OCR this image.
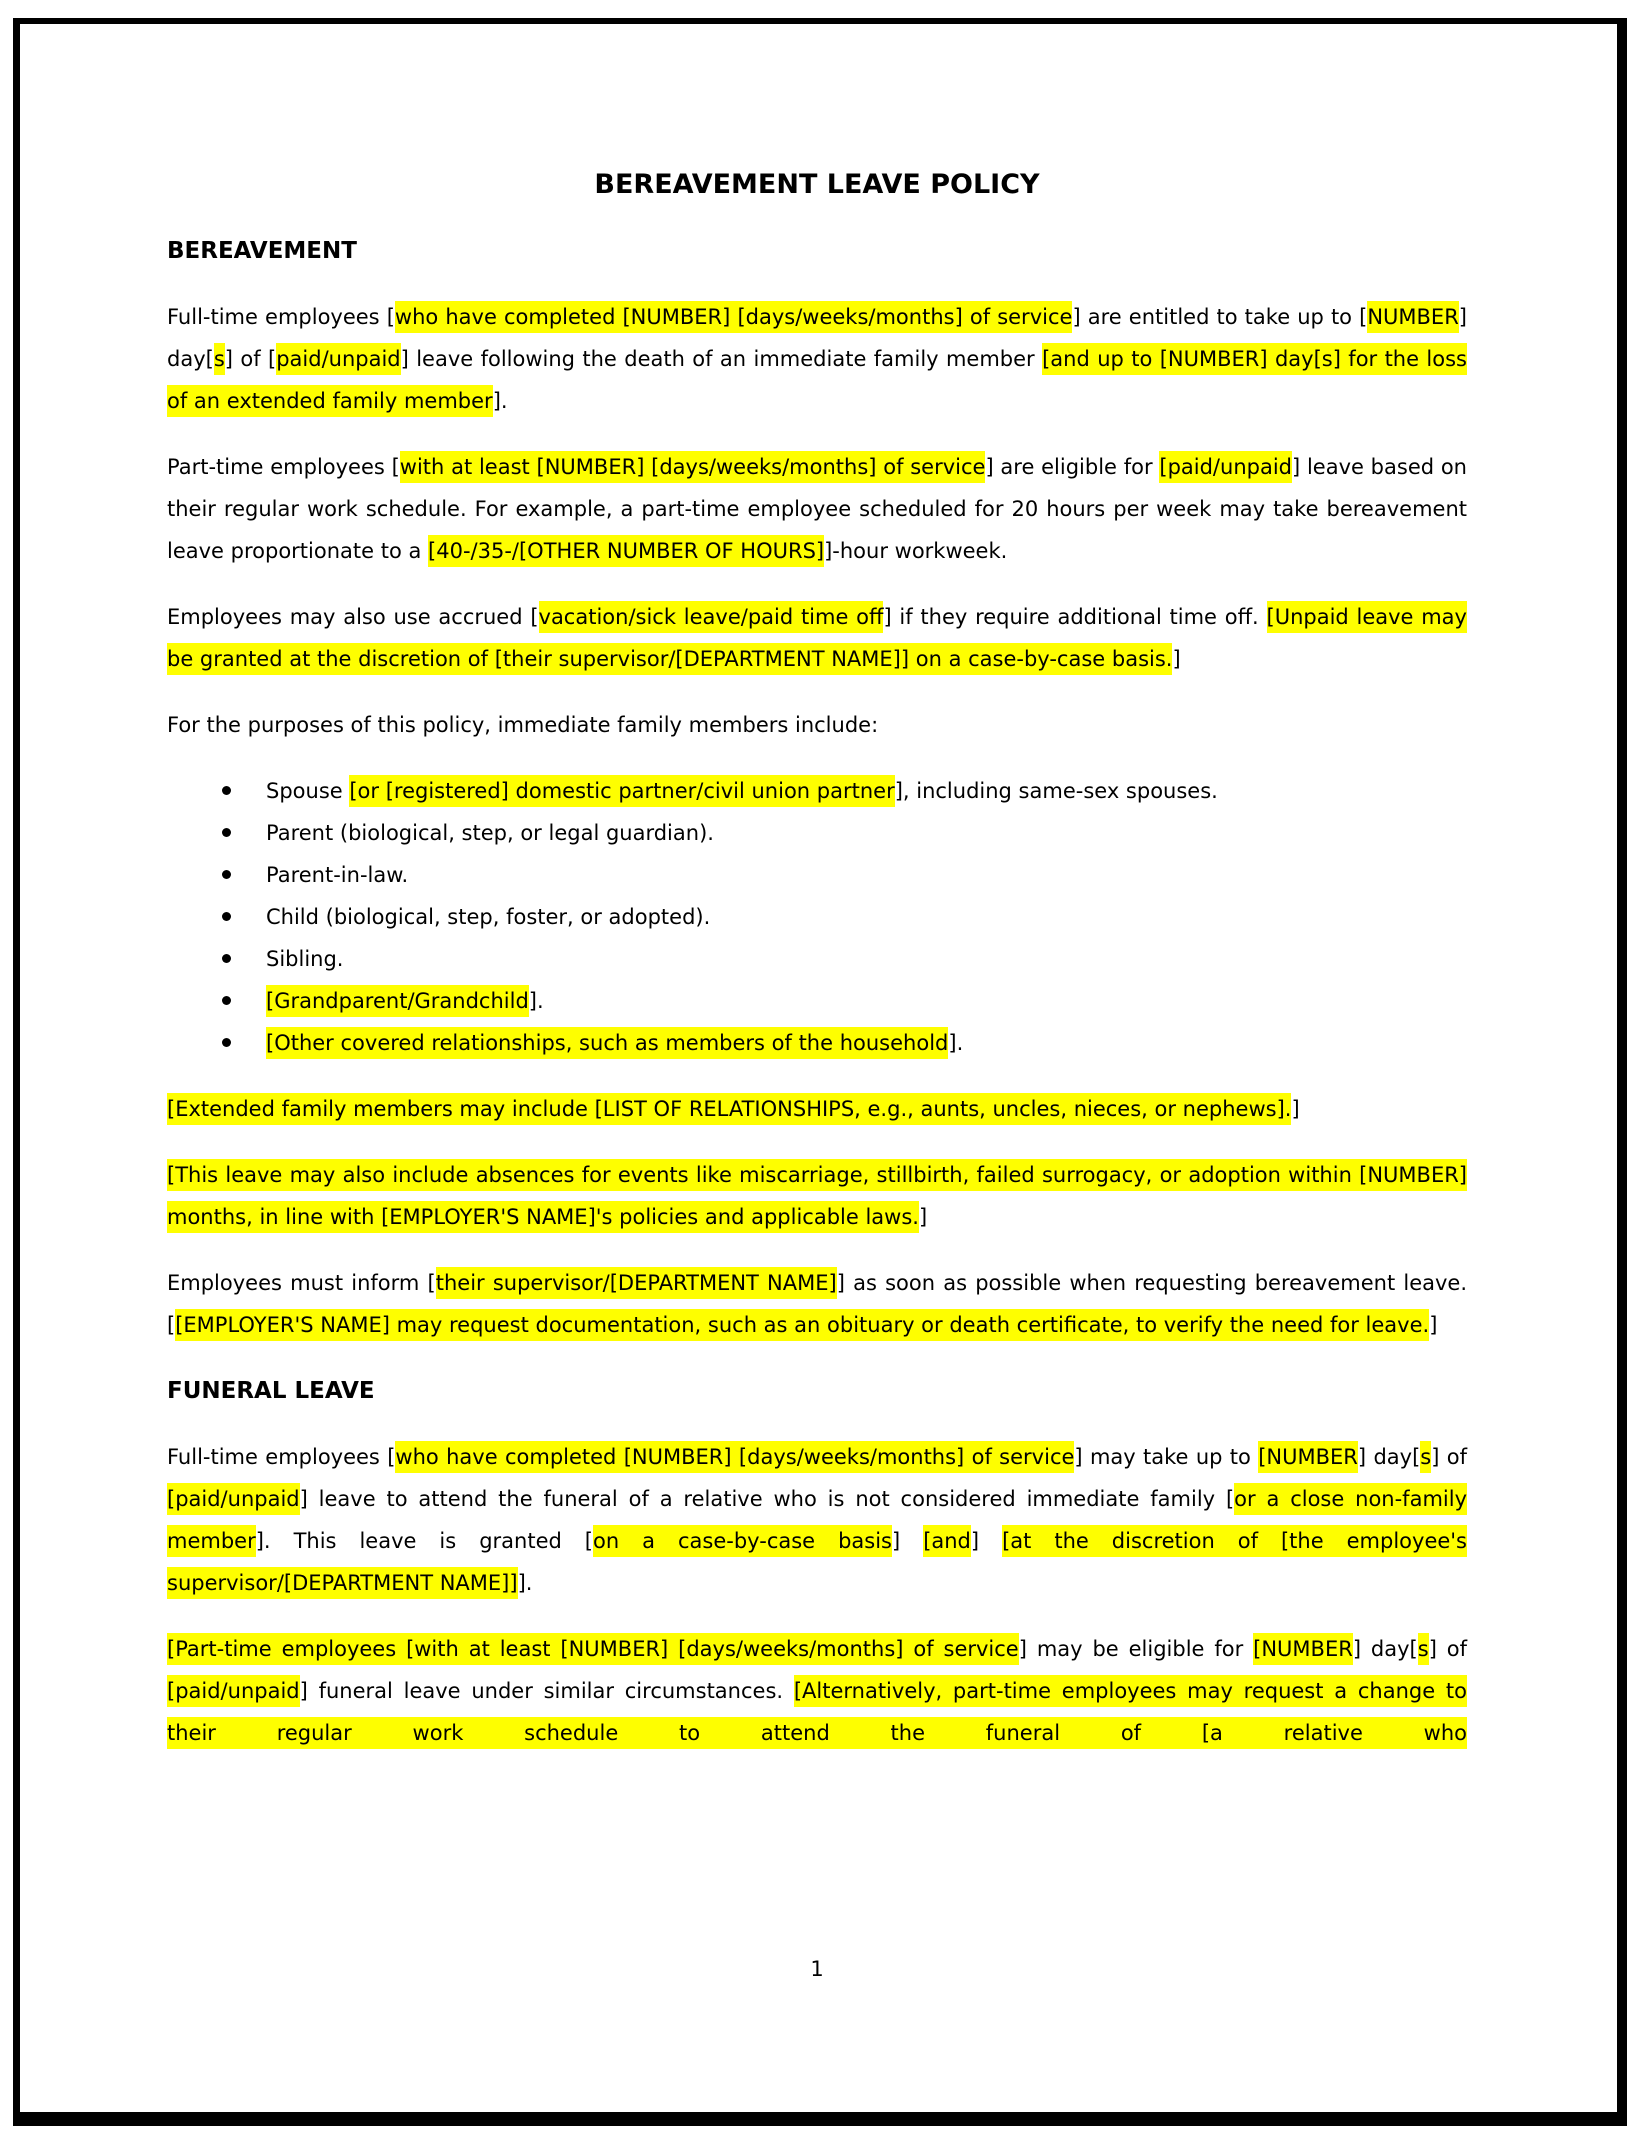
BEREAVEMENT LEAVE POLICY
BEREAVEMENT

Full-time employees [who have completed [NUMBER] [days/weeks/months] of service] are entitled to take up to [NUMBER] day[s] of [paid/unpaid] leave following the death of an immediate family member [and up to [NUMBER] day[s] for the loss of an extended family member].

Part-time employees [with at least [NUMBER] [days/weeks/months] of service] are eligible for [paid/unpaid] leave based on their regular work schedule. For example, a part-time employee scheduled for 20 hours per week may take bereavement leave proportionate to a [40-/35-/[OTHER NUMBER OF HOURS]]-hour workweek.

Employees may also use accrued [vacation/sick leave/paid time off] if they require additional time off. [Unpaid leave may be granted at the discretion of [their supervisor/[DEPARTMENT NAME]] on a case-by-case basis.]

For the purposes of this policy, immediate family members include:

Spouse [or [registered] domestic partner/civil union partner], including same-sex spouses.
Parent (biological, step, or legal guardian).
Parent-in-law.
Child (biological, step, foster, or adopted).
Sibling.
[Grandparent/Grandchild].
[Other covered relationships, such as members of the household].

[Extended family members may include [LIST OF RELATIONSHIPS, e.g., aunts, uncles, nieces, or nephews].]

[This leave may also include absences for events like miscarriage, stillbirth, failed surrogacy, or adoption within [NUMBER] months, in line with [EMPLOYER'S NAME]'s policies and applicable laws.]

Employees must inform [their supervisor/[DEPARTMENT NAME]] as soon as possible when requesting bereavement leave. [[EMPLOYER'S NAME] may request documentation, such as an obituary or death certificate, to verify the need for leave.]

FUNERAL LEAVE

Full-time employees [who have completed [NUMBER] [days/weeks/months] of service] may take up to [NUMBER] day[s] of [paid/unpaid] leave to attend the funeral of a relative who is not considered immediate family [or a close non-family member]. This leave is granted [on a case-by-case basis] [and] [at the discretion of [the employee's supervisor/[DEPARTMENT NAME]]].

[Part-time employees [with at least [NUMBER] [days/weeks/months] of service] may be eligible for [NUMBER] day[s] of [paid/unpaid] funeral leave under similar circumstances. [Alternatively, part-time employees may request a change to their regular work schedule to attend the funeral of [a relative who

1
